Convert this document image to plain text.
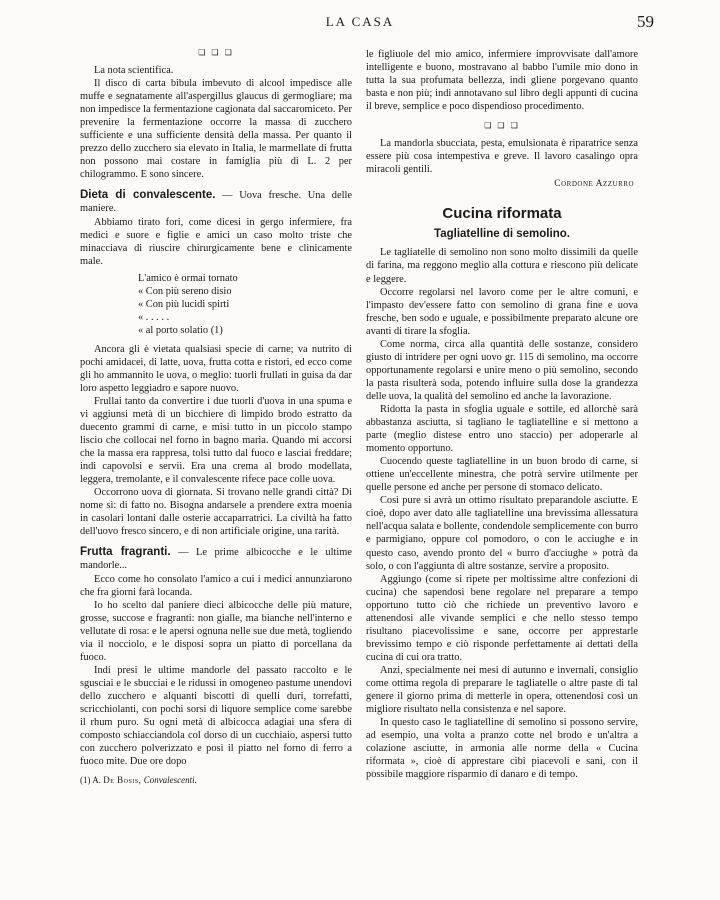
LA CASA	59
❏ ❏ ❏

La nota scientifica.

Il disco di carta bibula imbevuto di alcool impedisce alle muffe e segnatamente all'aspergillus glaucus di germogliare; ma non impedisce la fermentazione cagionata dal saccaromiceto. Per prevenire la fermentazione occorre la massa di zucchero sufficiente e una sufficiente densità della massa. Per quanto il prezzo dello zucchero sia elevato in Italia, le marmellate di frutta non possono mai costare in famiglia più di L. 2 per chilogrammo. E sono sincere.

Dieta di convalescente. — Uova fresche. Una delle maniere.

Abbiamo tirato fori, come dicesi in gergo infermiere, fra medici e suore e figlie e amici un caso molto triste che minacciava di riuscire chirurgicamente bene e clinicamente male.

L'amico è ormai tornato
« Con più sereno disio
« Con più lucidi spirti
« . . . . .
« al porto solatio (1)

Ancora gli è vietata qualsiasi specie di carne; va nutrito di pochi amidacei, di latte, uova, frutta cotta e ristori, ed ecco come gli ho ammannito le uova, o meglio: tuorli frullati in guisa da dar loro aspetto leggiadro e sapore nuovo.

Frullai tanto da convertire i due tuorli d'uova in una spuma e vi aggiunsi metà di un bicchiere di limpido brodo estratto da duecento grammi di carne, e misi tutto in un piccolo stampo liscio che collocai nel forno in bagno maria. Quando mi accorsi che la massa era rappresa, tolsi tutto dal fuoco e lasciai freddare; indi capovolsi e servii. Era una crema al brodo modellata, leggera, tremolante, e il convalescente rifece pace colle uova.

Occorrono uova di giornata. Si trovano nelle grandi città? Di nome sì: di fatto no. Bisogna andarsele a prendere extra moenia in casolari lontani dalle osterie accaparratrici. La civiltà ha fatto dell'uovo fresco sincero, e di non artificiale origine, una rarità.

Frutta fragranti. — Le prime albicocche e le ultime mandorle...

Ecco come ho consolato l'amico a cui i medici annunziarono che fra giorni farà locanda.

Io ho scelto dal paniere dieci albicocche delle più mature, grosse, succose e fragranti: non gialle, ma bianche nell'interno e vellutate di rosa: e le apersi ognuna nelle sue due metà, togliendo via il nocciolo, e le disposi sopra un piatto di porcellana da fuoco.

Indi presi le ultime mandorle del passato raccolto e le sgusciai e le sbucciai e le ridussi in omogeneo pastume unendovi dello zucchero e alquanti biscotti di quelli duri, torrefatti, scricchiolanti, con pochi sorsi di liquore semplice come sarebbe il rhum puro. Su ogni metà di albicocca adagiai una sfera di composto schiacciandola col dorso di un cucchiaio, aspersi tutto con zucchero polverizzato e posi il piatto nel forno di ferro a fuoco mite. Due ore dopo

(1) A. De Bosis, Convalescenti.

le figliuole del mio amico, infermiere improvvisate dall'amore intelligente e buono, mostravano al babbo l'umile mio dono in tutta la sua profumata bellezza, indi gliene porgevano quanto basta e non più; indi annotavano sul libro degli appunti di cucina il breve, semplice e poco dispendioso procedimento.

❏ ❏ ❏

La mandorla sbucciata, pesta, emulsionata è riparatrice senza essere più cosa intempestiva e greve. Il lavoro casalingo opra miracoli gentili.

Cordone Azzurro

Cucina riformata
Tagliatelline di semolino.

Le tagliatelle di semolino non sono molto dissimili da quelle di farina, ma reggono meglio alla cottura e riescono più delicate e leggere.

Occorre regolarsi nel lavoro come per le altre comuni, e l'impasto dev'essere fatto con semolino di grana fine e uova fresche, ben sodo e uguale, e possibilmente preparato alcune ore avanti di tirare la sfoglia.

Come norma, circa alla quantità delle sostanze, considero giusto di intridere per ogni uovo gr. 115 di semolino, ma occorre opportunamente regolarsi e unire meno o più semolino, secondo la pasta risulterà soda, potendo influire sulla dose la grandezza delle uova, la qualità del semolino ed anche la lavorazione.

Ridotta la pasta in sfoglia uguale e sottile, ed allorchè sarà abbastanza asciutta, si tagliano le tagliatelline e si mettono a parte (meglio distese entro uno staccio) per adoperarle al momento opportuno.

Cuocendo queste tagliatelline in un buon brodo di carne, si ottiene un'eccellente minestra, che potrà servire utilmente per quelle persone ed anche per persone di stomaco delicato.

Così pure si avrà un ottimo risultato preparandole asciutte. E cioè, dopo aver dato alle tagliatelline una brevissima allessatura nell'acqua salata e bollente, condendole semplicemente con burro e parmigiano, oppure col pomodoro, o con le acciughe e in questo caso, avendo pronto del « burro d'acciughe » potrà da solo, o con l'aggiunta di altre sostanze, servire a proposito.

Aggiungo (come si ripete per moltissime altre confezioni di cucina) che sapendosi bene regolare nel preparare a tempo opportuno tutto ciò che richiede un preventivo lavoro e attenendosi alle vivande semplici e che nello stesso tempo risultano piacevolissime e sane, occorre per apprestarle brevissimo tempo e ciò risponde perfettamente ai dettati della cucina di cui ora tratto.

Anzi, specialmente nei mesi di autunno e invernali, consiglio come ottima regola di preparare le tagliatelle o altre paste di tal genere il giorno prima di metterle in opera, ottenendosi così un migliore risultato nella consistenza e nel sapore.

In questo caso le tagliatelline di semolino si possono servire, ad esempio, una volta a pranzo cotte nel brodo e un'altra a colazione asciutte, in armonia alle norme della « Cucina riformata », cioè di apprestare cibi piacevoli e sani, con il possibile maggiore risparmio di danaro e di tempo.
